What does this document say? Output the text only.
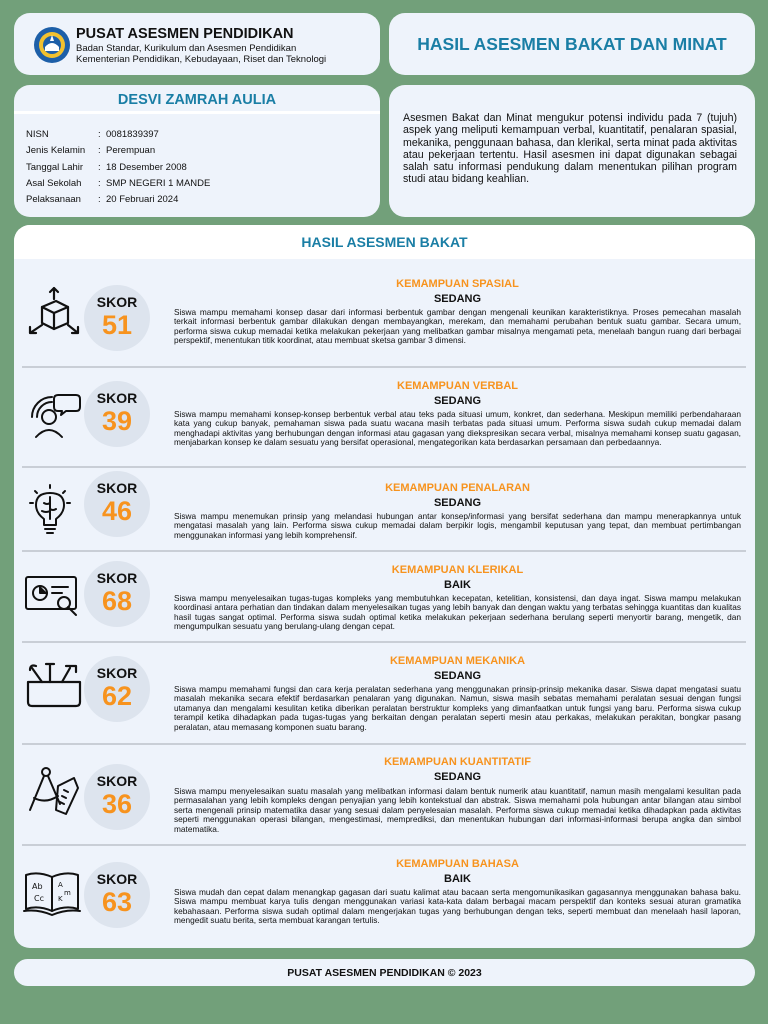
PUSAT ASESMEN PENDIDIKAN
Badan Standar, Kurikulum dan Asesmen Pendidikan
Kementerian Pendidikan, Kebudayaan, Riset dan Teknologi
HASIL ASESMEN BAKAT DAN MINAT
DESVI ZAMRAH AULIA
NISN	: 0081839397
Jenis Kelamin : Perempuan
Tanggal Lahir : 18 Desember 2008
Asal Sekolah : SMP NEGERI 1 MANDE
Pelaksanaan : 20 Februari 2024

Asesmen Bakat dan Minat mengukur potensi individu pada 7 (tujuh) aspek yang meliputi kemampuan verbal, kuantitatif, penalaran spasial, mekanika, penggunaan bahasa, dan klerikal, serta minat pada aktivitas atau pekerjaan tertentu. Hasil asesmen ini dapat digunakan sebagai salah satu informasi pendukung dalam menentukan pilihan program studi atau bidang keahlian.

HASIL ASESMEN BAKAT
SKOR
51
KEMAMPUAN SPASIAL
SEDANG
Siswa mampu memahami konsep dasar dari informasi berbentuk gambar dengan mengenali keunikan karakteristiknya. Proses pemecahan masalah terkait informasi berbentuk gambar dilakukan dengan membayangkan, merekam, dan memahami perubahan bentuk suatu gambar. Secara umum, performa siswa cukup memadai ketika melakukan pekerjaan yang melibatkan gambar misalnya mengamati peta, menelaah bangun ruang dari berbagai perspektif, menentukan titik koordinat, atau membuat sketsa gambar 3 dimensi.
SKOR
39
KEMAMPUAN VERBAL
SEDANG
Siswa mampu memahami konsep-konsep berbentuk verbal atau teks pada situasi umum, konkret, dan sederhana. Meskipun memiliki perbendaharaan kata yang cukup banyak, pemahaman siswa pada suatu wacana masih terbatas pada situasi umum. Performa siswa sudah cukup memadai dalam menghadapi aktivitas yang berhubungan dengan informasi atau gagasan yang diekspresikan secara verbal, misalnya memahami konsep suatu gagasan, menjabarkan konsep ke dalam sesuatu yang bersifat operasional, mengategorikan kata berdasarkan persamaan dan perbedaannya.
SKOR
46
KEMAMPUAN PENALARAN
SEDANG
Siswa mampu menemukan prinsip yang melandasi hubungan antar konsep/informasi yang bersifat sederhana dan mampu menerapkannya untuk mengatasi masalah yang lain. Performa siswa cukup memadai dalam berpikir logis, mengambil keputusan yang tepat, dan membuat pertimbangan menggunakan informasi yang lebih komprehensif.
SKOR
68
KEMAMPUAN KLERIKAL
BAIK
Siswa mampu menyelesaikan tugas-tugas kompleks yang membutuhkan kecepatan, ketelitian, konsistensi, dan daya ingat. Siswa mampu melakukan koordinasi antara perhatian dan tindakan dalam menyelesaikan tugas yang lebih banyak dan dengan waktu yang terbatas sehingga kuantitas dan kualitas hasil tugas sangat optimal. Performa siswa sudah optimal ketika melakukan pekerjaan sederhana berulang seperti menyortir barang, mengetik, dan mengumpulkan sesuatu yang berulang-ulang dengan cepat.
SKOR
62
KEMAMPUAN MEKANIKA
SEDANG
Siswa mampu memahami fungsi dan cara kerja peralatan sederhana yang menggunakan prinsip-prinsip mekanika dasar. Siswa dapat mengatasi suatu masalah mekanika secara efektif berdasarkan penalaran yang digunakan. Namun, siswa masih sebatas memahami peralatan sesuai dengan fungsi utamanya dan mengalami kesulitan ketika diberikan peralatan berstruktur kompleks yang dimanfaatkan untuk fungsi yang baru. Performa siswa cukup terampil ketika dihadapkan pada tugas-tugas yang berkaitan dengan peralatan seperti mesin atau perkakas, melakukan perakitan, bongkar pasang peralatan, atau memasang komponen suatu barang.
SKOR
36
KEMAMPUAN KUANTITATIF
SEDANG
Siswa mampu menyelesaikan suatu masalah yang melibatkan informasi dalam bentuk numerik atau kuantitatif, namun masih mengalami kesulitan pada permasalahan yang lebih kompleks dengan penyajian yang lebih kontekstual dan abstrak. Siswa memahami pola hubungan antar bilangan atau simbol serta mengenali prinsip matematika dasar yang sesuai dalam penyelesaian masalah. Performa siswa cukup memadai ketika dihadapkan pada aktivitas seperti menggunakan operasi bilangan, mengestimasi, memprediksi, dan menentukan hubungan dari informasi-informasi berupa angka dan simbol matematika.
Ab
Cc
A
m
K
SKOR
63
KEMAMPUAN BAHASA
BAIK
Siswa mudah dan cepat dalam menangkap gagasan dari suatu kalimat atau bacaan serta mengomunikasikan gagasannya menggunakan bahasa baku. Siswa mampu membuat karya tulis dengan menggunakan variasi kata-kata dalam berbagai macam perspektif dan konteks sesuai aturan gramatika kebahasaan. Performa siswa sudah optimal dalam mengerjakan tugas yang berhubungan dengan teks, seperti membuat dan menelaah hasil laporan, mengedit suatu berita, serta membuat karangan tertulis.
PUSAT ASESMEN PENDIDIKAN © 2023
